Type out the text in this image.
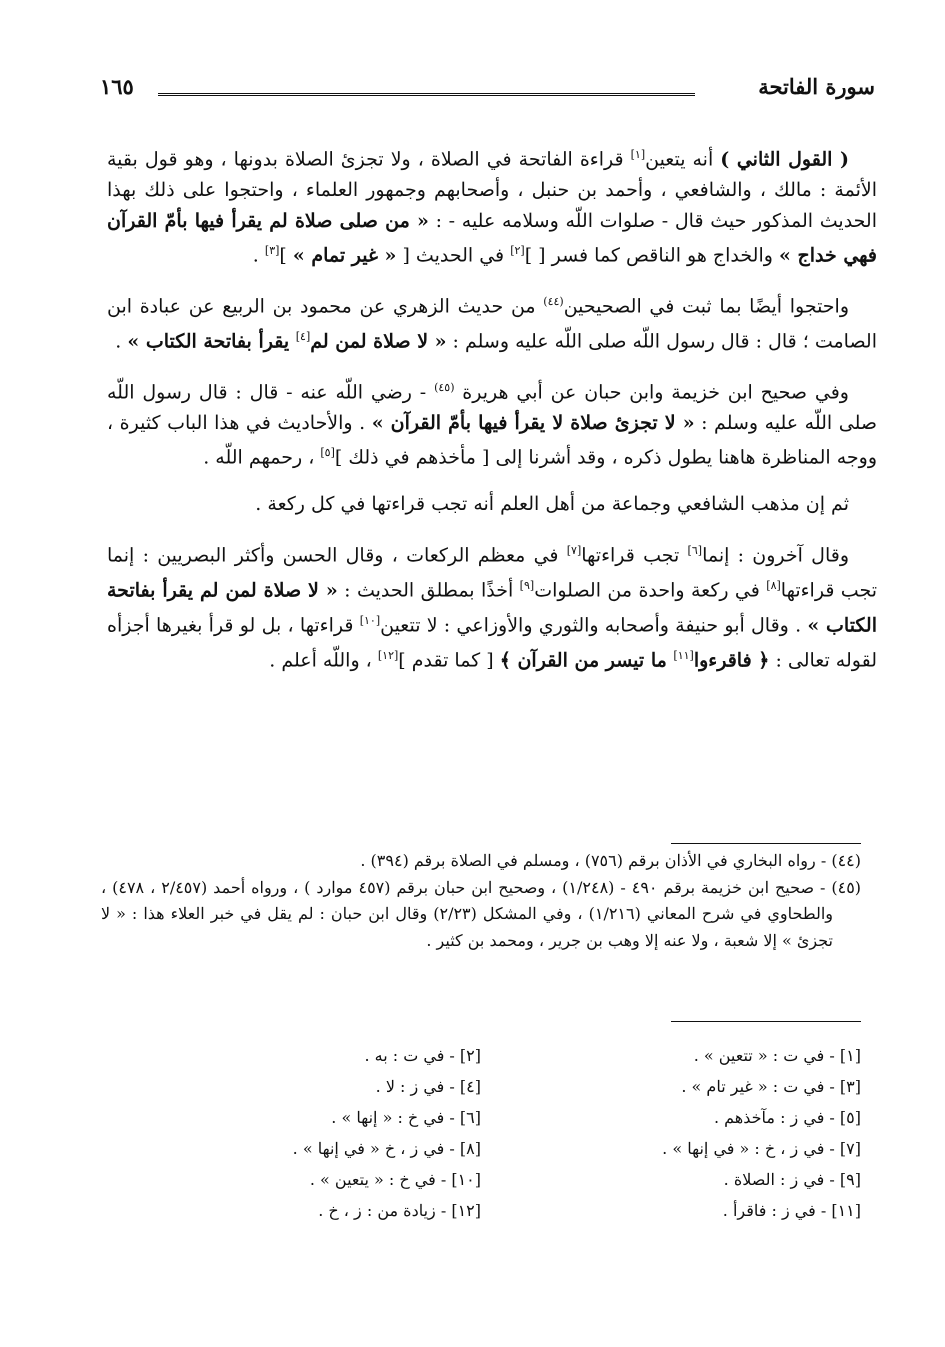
سورة الفاتحة
١٦٥

( القول الثاني ) أنه يتعين[١] قراءة الفاتحة في الصلاة ، ولا تجزئ الصلاة بدونها ، وهو قول بقية الأئمة : مالك ، والشافعي ، وأحمد بن حنبل ، وأصحابهم وجمهور العلماء ، واحتجوا على ذلك بهذا الحديث المذكور حيث قال - صلوات اللّه وسلامه عليه - : « من صلى صلاة لم يقرأ فيها بأمّ القرآن فهي خداج » والخداج هو الناقص كما فسر [ ][٢] في الحديث [ « غير تمام » ][٣] .

واحتجوا أيضًا بما ثبت في الصحيحين$^{(٤٤)}$ من حديث الزهري عن محمود بن الربيع عن عبادة ابن الصامت ؛ قال : قال رسول اللّه صلى اللّه عليه وسلم : « لا صلاة لمن لم[٤] يقرأ بفاتحة الكتاب » .

وفي صحيح ابن خزيمة وابن حبان عن أبي هريرة $^{(٤٥)}$ - رضي اللّه عنه - قال : قال رسول اللّه صلى اللّه عليه وسلم : « لا تجزئ صلاة لا يقرأ فيها بأمّ القرآن » . والأحاديث في هذا الباب كثيرة ، ووجه المناظرة هاهنا يطول ذكره ، وقد أشرنا إلى [ مأخذهم في ذلك ][٥] ، رحمهم اللّه .

ثم إن مذهب الشافعي وجماعة من أهل العلم أنه تجب قراءتها في كل ركعة .

وقال آخرون : إنما[٦] تجب قراءتها[٧] في معظم الركعات ، وقال الحسن وأكثر البصريين : إنما تجب قراءتها[٨] في ركعة واحدة من الصلوات[٩] أخذًا بمطلق الحديث : « لا صلاة لمن لم يقرأ بفاتحة الكتاب » . وقال أبو حنيفة وأصحابه والثوري والأوزاعي : لا تتعين[١٠] قراءتها ، بل لو قرأ بغيرها أجزأه لقوله تعالى : ﴿ فاقرءوا[١١] ما تيسر من القرآن ﴾ [ كما تقدم ][١٢] ، واللّه أعلم .

(٤٤) - رواه البخاري في الأذان برقم (٧٥٦) ، ومسلم في الصلاة برقم (٣٩٤) .

(٤٥) - صحيح ابن خزيمة برقم ٤٩٠ - (١/٢٤٨) ، وصحيح ابن حبان برقم (٤٥٧ موارد ) ، ورواه أحمد (٢/٤٥٧ ، ٤٧٨) ، والطحاوي في شرح المعاني (١/٢١٦) ، وفي المشكل (٢/٢٣) وقال ابن حبان : لم يقل في خبر العلاء هذا : « لا تجزئ » إلا شعبة ، ولا عنه إلا وهب بن جرير ، ومحمد بن كثير .

[١] - في ت : « تتعين » .
[٣] - في ت : « غير تام » .
[٥] - في ز : مآخذهم .
[٧] - في ز ، خ : « في إنها » .
[٩] - في ز : الصلاة .
[١١] - في ز : فاقرأ .
[٢] - في ت : به .
[٤] - في ز : لا .
[٦] - في خ : « إنها » .
[٨] - في ز ، خ « في إنها » .
[١٠] - في خ : « يتعين » .
[١٢] - زيادة من : ز ، خ .
